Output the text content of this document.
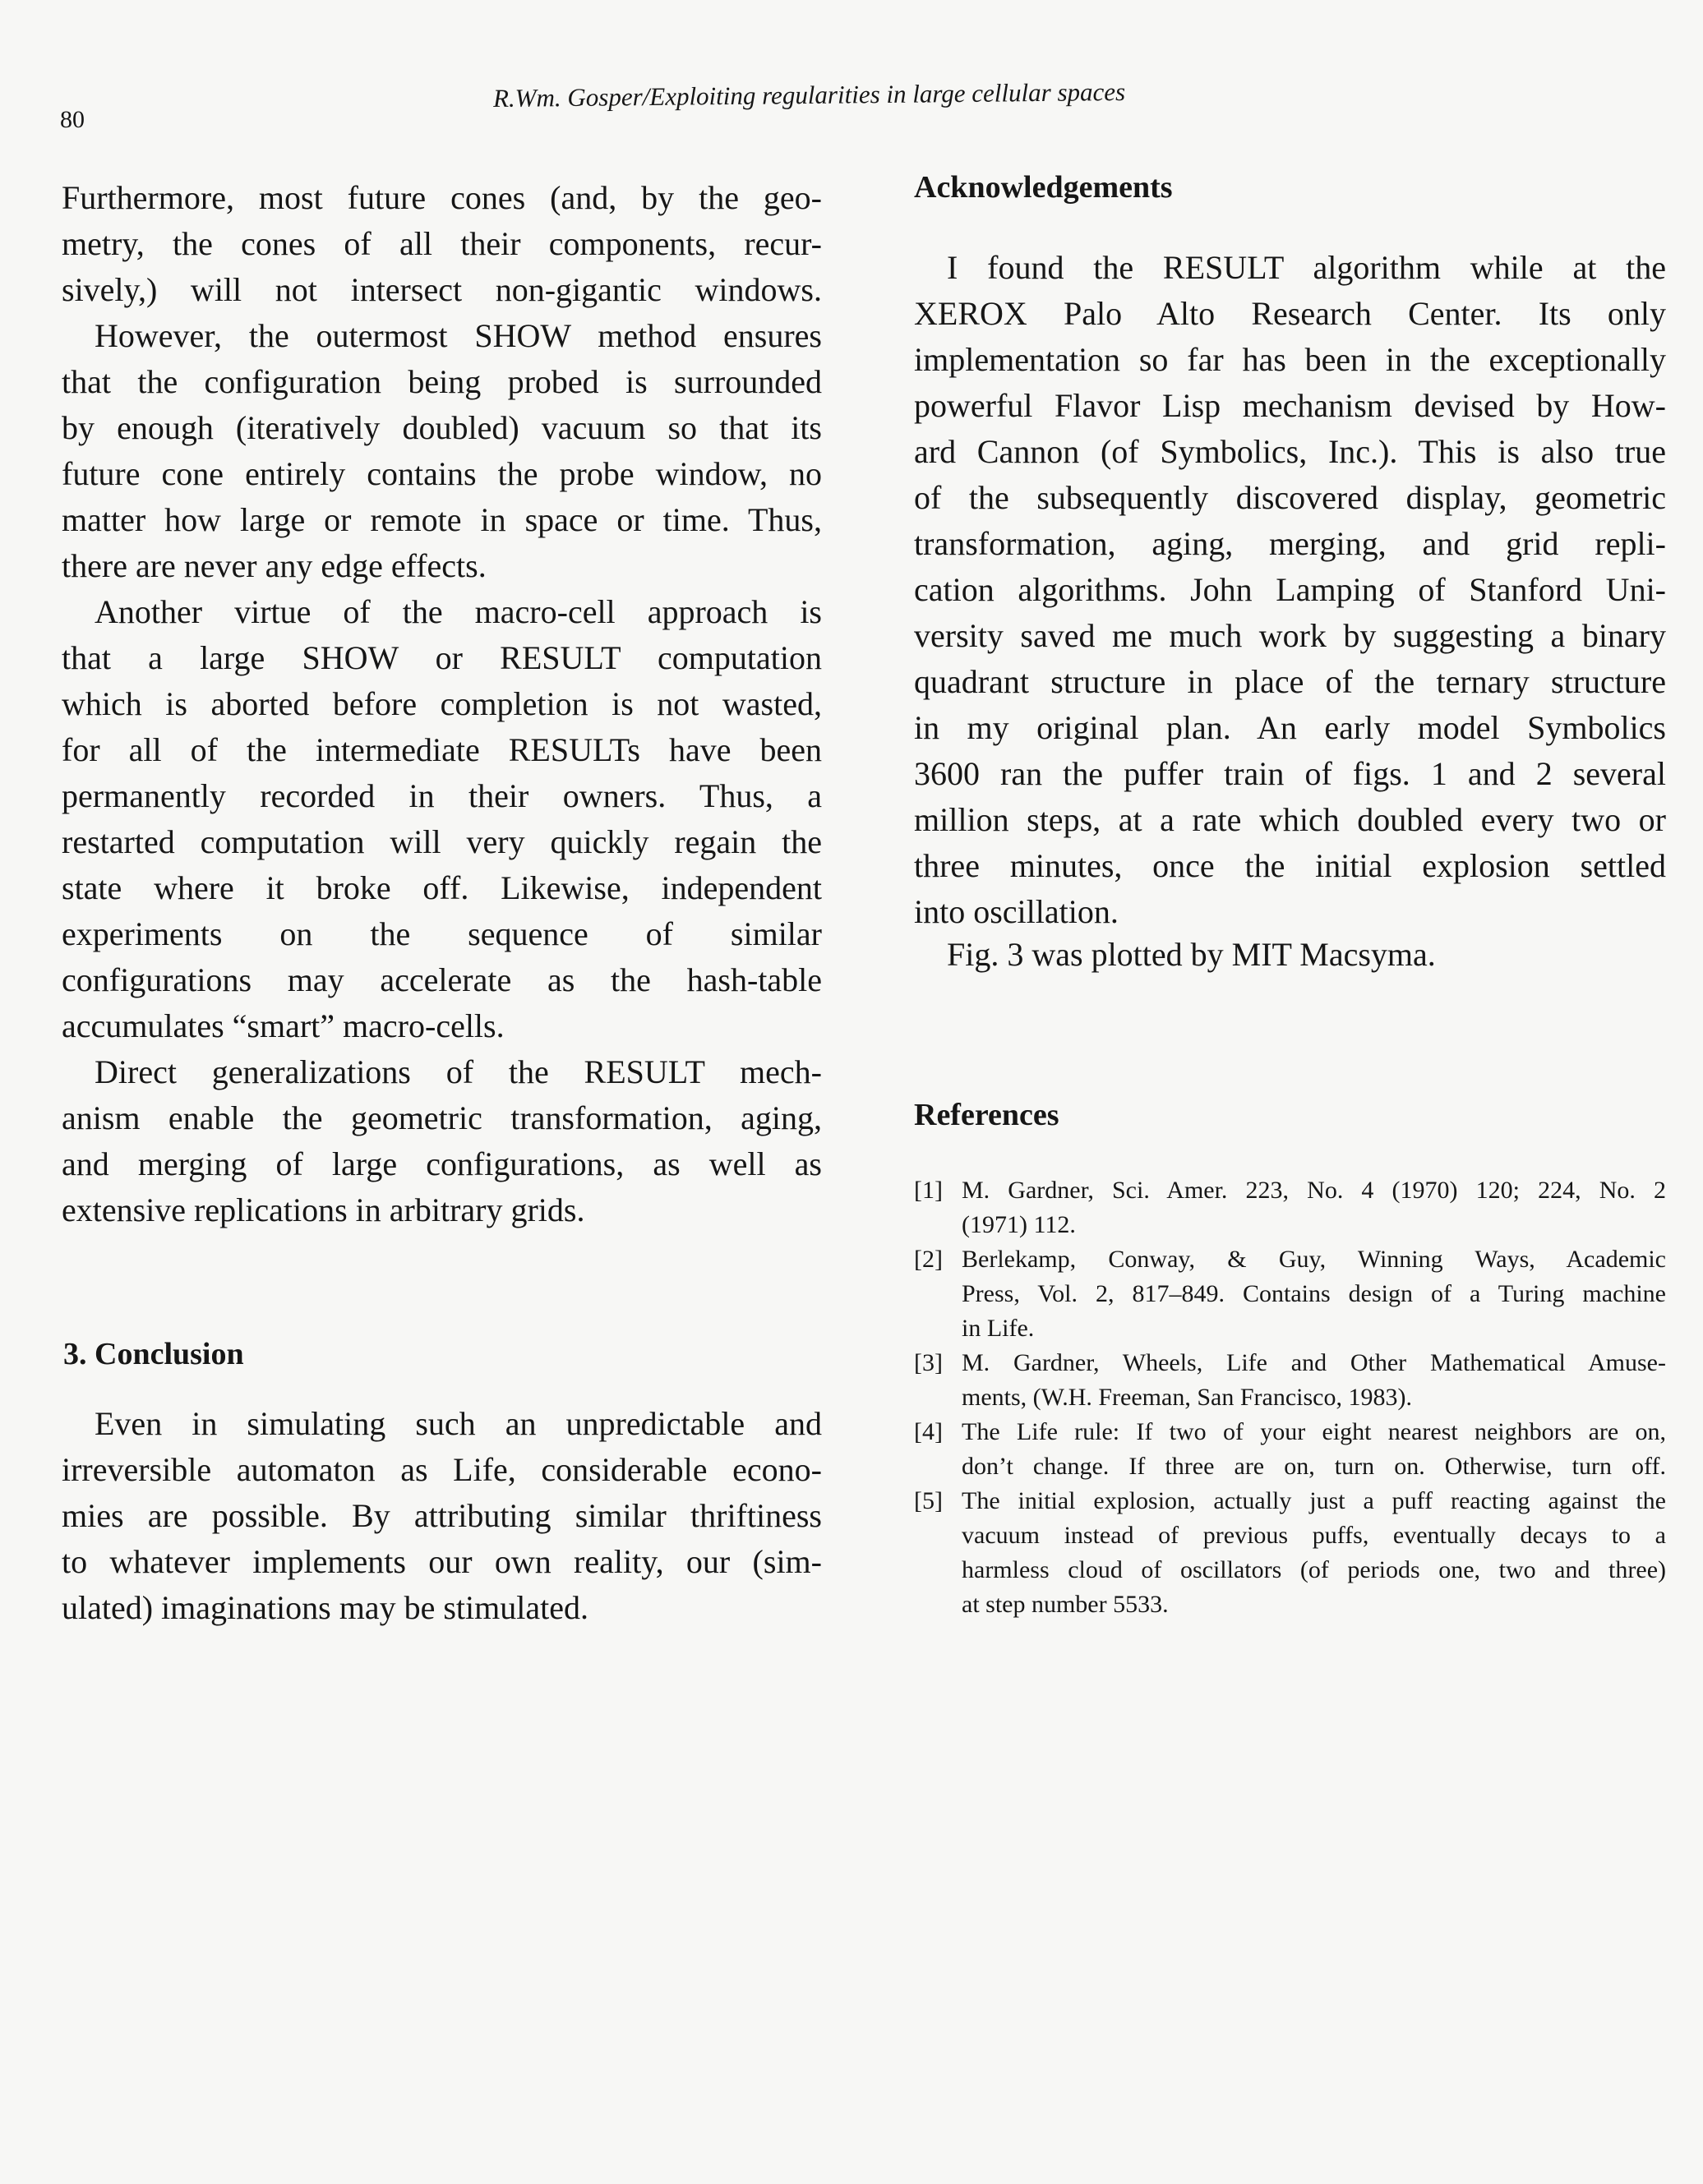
80
R.Wm. Gosper/Exploiting regularities in large cellular spaces
Furthermore, most future cones (and, by the geo-
metry, the cones of all their components, recur-
sively,) will not intersect non-gigantic windows.
However, the outermost SHOW method ensures
that the configuration being probed is surrounded
by enough (iteratively doubled) vacuum so that its
future cone entirely contains the probe window, no
matter how large or remote in space or time. Thus,
there are never any edge effects.
Another virtue of the macro-cell approach is
that a large SHOW or RESULT computation
which is aborted before completion is not wasted,
for all of the intermediate RESULTs have been
permanently recorded in their owners. Thus, a
restarted computation will very quickly regain the
state where it broke off. Likewise, independent
experiments on the sequence of similar
configurations may accelerate as the hash-table
accumulates “smart” macro-cells.
Direct generalizations of the RESULT mech-
anism enable the geometric transformation, aging,
and merging of large configurations, as well as
extensive replications in arbitrary grids.
3. Conclusion
Even in simulating such an unpredictable and
irreversible automaton as Life, considerable econo-
mies are possible. By attributing similar thriftiness
to whatever implements our own reality, our (sim-
ulated) imaginations may be stimulated.
Acknowledgements
I found the RESULT algorithm while at the
XEROX Palo Alto Research Center. Its only
implementation so far has been in the exceptionally
powerful Flavor Lisp mechanism devised by How-
ard Cannon (of Symbolics, Inc.). This is also true
of the subsequently discovered display, geometric
transformation, aging, merging, and grid repli-
cation algorithms. John Lamping of Stanford Uni-
versity saved me much work by suggesting a binary
quadrant structure in place of the ternary structure
in my original plan. An early model Symbolics
3600 ran the puffer train of figs. 1 and 2 several
million steps, at a rate which doubled every two or
three minutes, once the initial explosion settled
into oscillation.
Fig. 3 was plotted by MIT Macsyma.
References
[1] M. Gardner, Sci. Amer. 223, No. 4 (1970) 120; 224, No. 2
(1971) 112.
[2] Berlekamp, Conway, & Guy, Winning Ways, Academic
Press, Vol. 2, 817–849. Contains design of a Turing machine
in Life.
[3] M. Gardner, Wheels, Life and Other Mathematical Amuse-
ments, (W.H. Freeman, San Francisco, 1983).
[4] The Life rule: If two of your eight nearest neighbors are on,
don’t change. If three are on, turn on. Otherwise, turn off.
[5] The initial explosion, actually just a puff reacting against the
vacuum instead of previous puffs, eventually decays to a
harmless cloud of oscillators (of periods one, two and three)
at step number 5533.
